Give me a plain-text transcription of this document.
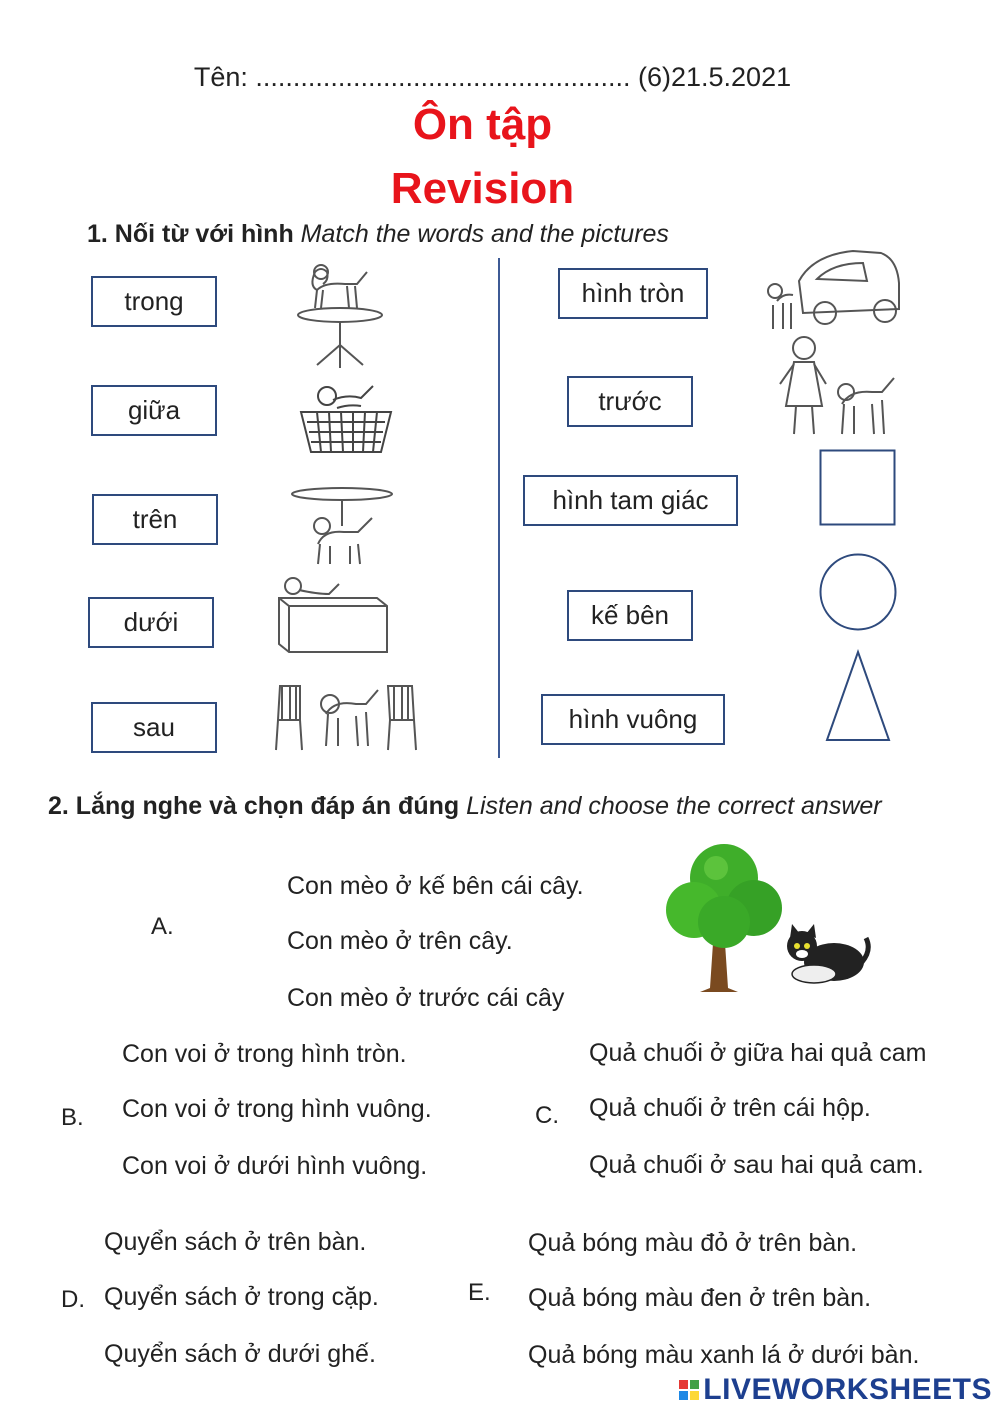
Tên: .................................................. (6)21.5.2021
Ôn tập
Revision
1. Nối từ với hình Match the words and the pictures
trong
giữa
trên
dưới
sau
hình tròn
trước
hình tam giác
kế bên
hình vuông
2. Lắng nghe và chọn đáp án đúng Listen and choose the correct answer
A.
Con mèo ở kế bên cái cây.
Con mèo ở trên cây.
Con mèo ở trước cái cây
B.
Con voi ở trong hình tròn.
Con voi ở trong hình vuông.
Con voi ở dưới hình vuông.
C.
Quả chuối ở giữa hai quả cam
Quả chuối ở trên cái hộp.
Quả chuối ở sau hai quả cam.
D.
Quyển sách ở trên bàn.
Quyển sách ở trong cặp.
Quyển sách ở dưới ghế.
E.
Quả bóng màu đỏ ở trên bàn.
Quả bóng màu đen ở trên bàn.
Quả bóng màu xanh lá ở dưới bàn.
LIVEWORKSHEETS
